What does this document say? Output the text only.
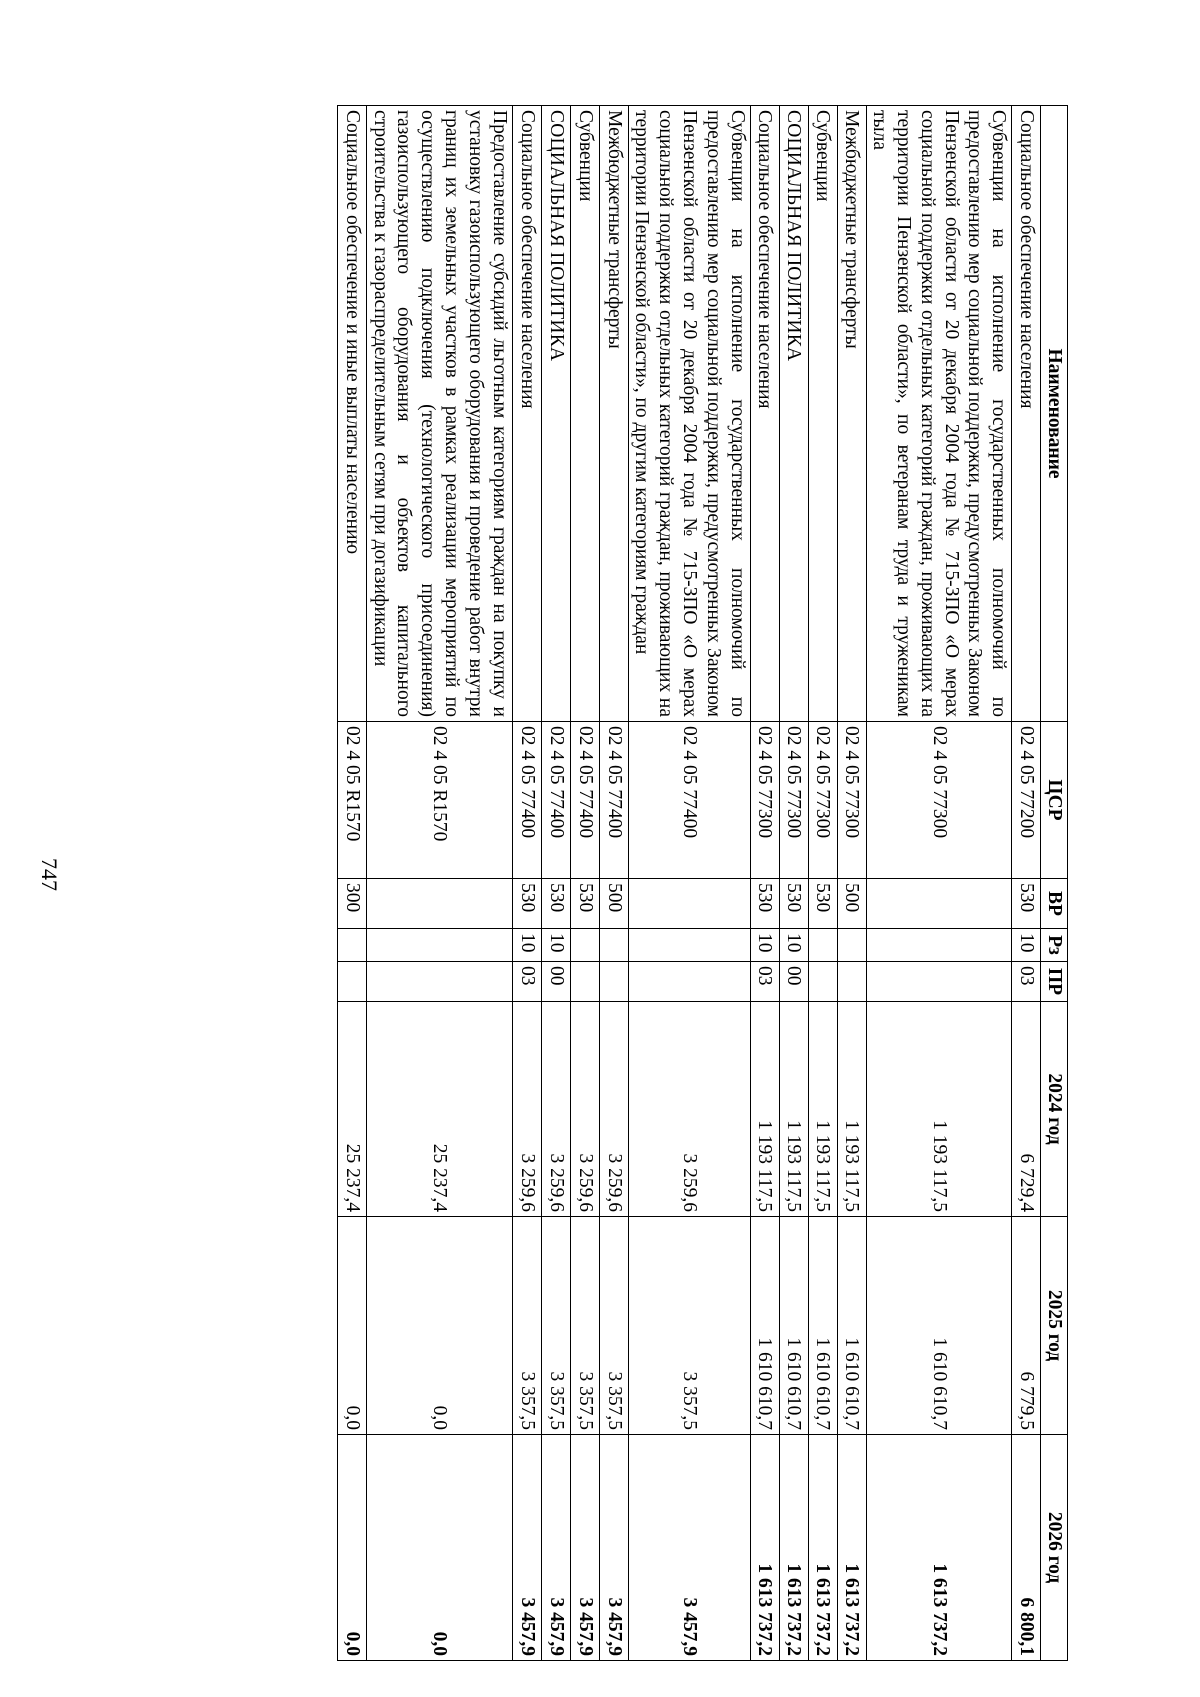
747
Наименование	ЦСР	ВР	Рз	ПР	2024 год	2025 год	2026 год
Социальное обеспечение населения	02 4 05 77200	530	10	03	6 729,4	6 779,5	6 800,1
Субвенции на исполнение государственных полномочий по предоставлению мер социальной поддержки, предусмотренных Законом Пензенской области от 20 декабря 2004 года № 715-ЗПО «О мерах социальной поддержки отдельных категорий граждан, проживающих на территории Пензенской области», по ветеранам труда и труженикам тыла	02 4 05 77300				1 193 117,5	1 610 610,7	1 613 737,2
Межбюджетные трансферты	02 4 05 77300	500			1 193 117,5	1 610 610,7	1 613 737,2
Субвенции	02 4 05 77300	530			1 193 117,5	1 610 610,7	1 613 737,2
СОЦИАЛЬНАЯ ПОЛИТИКА	02 4 05 77300	530	10	00	1 193 117,5	1 610 610,7	1 613 737,2
Социальное обеспечение населения	02 4 05 77300	530	10	03	1 193 117,5	1 610 610,7	1 613 737,2
Субвенции на исполнение государственных полномочий по предоставлению мер социальной поддержки, предусмотренных Законом Пензенской области от 20 декабря 2004 года № 715-ЗПО «О мерах социальной поддержки отдельных категорий граждан, проживающих на территории Пензенской области», по другим категориям граждан	02 4 05 77400				3 259,6	3 357,5	3 457,9
Межбюджетные трансферты	02 4 05 77400	500			3 259,6	3 357,5	3 457,9
Субвенции	02 4 05 77400	530			3 259,6	3 357,5	3 457,9
СОЦИАЛЬНАЯ ПОЛИТИКА	02 4 05 77400	530	10	00	3 259,6	3 357,5	3 457,9
Социальное обеспечение населения	02 4 05 77400	530	10	03	3 259,6	3 357,5	3 457,9
Предоставление субсидий льготным категориям граждан на покупку и установку газоиспользующего оборудования и проведение работ внутри границ их земельных участков в рамках реализации мероприятий по осуществлению подключения (технологического присоединения) газоиспользующего оборудования и объектов капитального строительства к газораспределительным сетям при догазификации	02 4 05 R1570				25 237,4	0,0	0,0
Социальное обеспечение и иные выплаты населению	02 4 05 R1570	300			25 237,4	0,0	0,0
